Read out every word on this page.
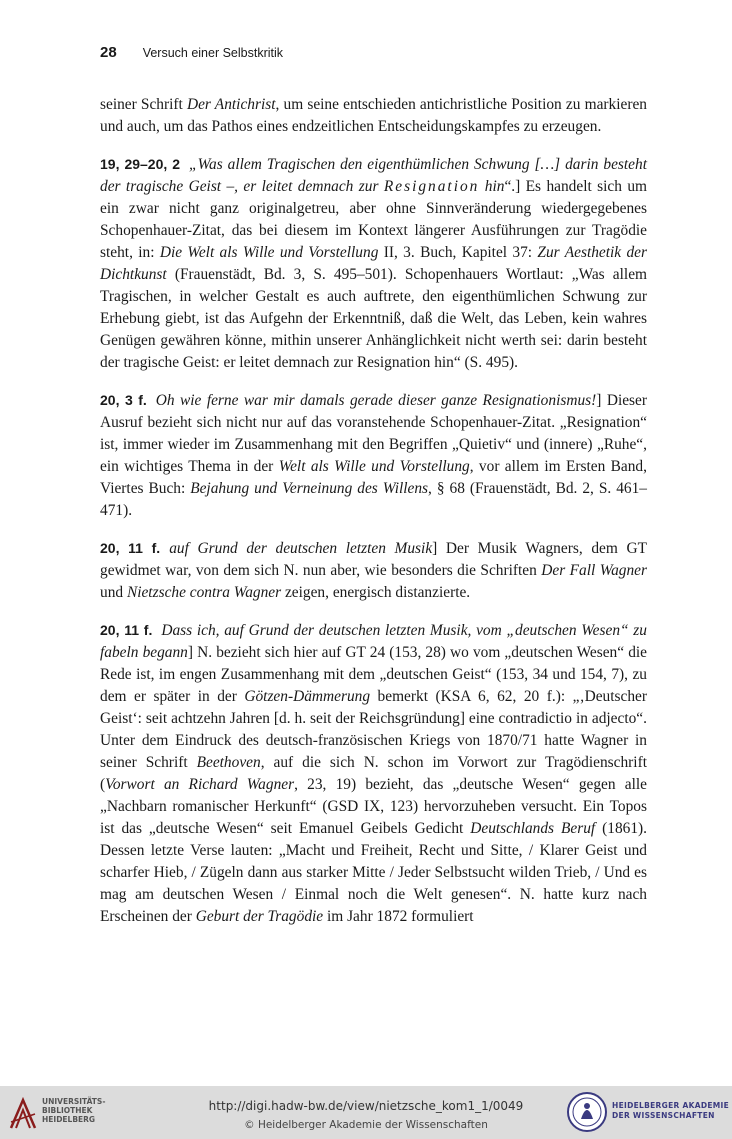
28 Versuch einer Selbstkritik

seiner Schrift Der Antichrist, um seine entschieden antichristliche Position zu markieren und auch, um das Pathos eines endzeitlichen Entscheidungskampfes zu erzeugen.

19, 29–20, 2 „Was allem Tragischen den eigenthümlichen Schwung […] darin besteht der tragische Geist –, er leitet demnach zur Resignation hin“.] Es handelt sich um ein zwar nicht ganz originalgetreu, aber ohne Sinnveränderung wiedergegebenes Schopenhauer-Zitat, das bei diesem im Kontext längerer Ausführungen zur Tragödie steht, in: Die Welt als Wille und Vorstellung II, 3. Buch, Kapitel 37: Zur Aesthetik der Dichtkunst (Frauenstädt, Bd. 3, S. 495–501). Schopenhauers Wortlaut: „Was allem Tragischen, in welcher Gestalt es auch auftrete, den eigenthümlichen Schwung zur Erhebung giebt, ist das Aufgehn der Erkenntniß, daß die Welt, das Leben, kein wahres Genügen gewähren könne, mithin unserer Anhänglichkeit nicht werth sei: darin besteht der tragische Geist: er leitet demnach zur Resignation hin“ (S. 495).

20, 3 f. Oh wie ferne war mir damals gerade dieser ganze Resignationismus!] Dieser Ausruf bezieht sich nicht nur auf das voranstehende Schopenhauer-Zitat. „Resignation“ ist, immer wieder im Zusammenhang mit den Begriffen „Quietiv“ und (innere) „Ruhe“, ein wichtiges Thema in der Welt als Wille und Vorstellung, vor allem im Ersten Band, Viertes Buch: Bejahung und Verneinung des Willens, § 68 (Frauenstädt, Bd. 2, S. 461–471).

20, 11 f. auf Grund der deutschen letzten Musik] Der Musik Wagners, dem GT gewidmet war, von dem sich N. nun aber, wie besonders die Schriften Der Fall Wagner und Nietzsche contra Wagner zeigen, energisch distanzierte.

20, 11 f. Dass ich, auf Grund der deutschen letzten Musik, vom „deutschen Wesen“ zu fabeln begann] N. bezieht sich hier auf GT 24 (153, 28) wo vom „deutschen Wesen“ die Rede ist, im engen Zusammenhang mit dem „deutschen Geist“ (153, 34 und 154, 7), zu dem er später in der Götzen-Dämmerung bemerkt (KSA 6, 62, 20 f.): „‚Deutscher Geist‘: seit achtzehn Jahren [d. h. seit der Reichsgründung] eine contradictio in adjecto“. Unter dem Eindruck des deutsch-französischen Kriegs von 1870/71 hatte Wagner in seiner Schrift Beethoven, auf die sich N. schon im Vorwort zur Tragödienschrift (Vorwort an Richard Wagner, 23, 19) bezieht, das „deutsche Wesen“ gegen alle „Nachbarn romanischer Herkunft“ (GSD IX, 123) hervorzuheben versucht. Ein Topos ist das „deutsche Wesen“ seit Emanuel Geibels Gedicht Deutschlands Beruf (1861). Dessen letzte Verse lauten: „Macht und Freiheit, Recht und Sitte, / Klarer Geist und scharfer Hieb, / Zügeln dann aus starker Mitte / Jeder Selbstsucht wilden Trieb, / Und es mag am deutschen Wesen / Einmal noch die Welt genesen“. N. hatte kurz nach Erscheinen der Geburt der Tragödie im Jahr 1872 formuliert

UNIVERSITÄTS-
BIBLIOTHEK
HEIDELBERG
http://digi.hadw-bw.de/view/nietzsche_kom1_1/0049
© Heidelberger Akademie der Wissenschaften
HEIDELBERGER AKADEMIE
DER WISSENSCHAFTEN
